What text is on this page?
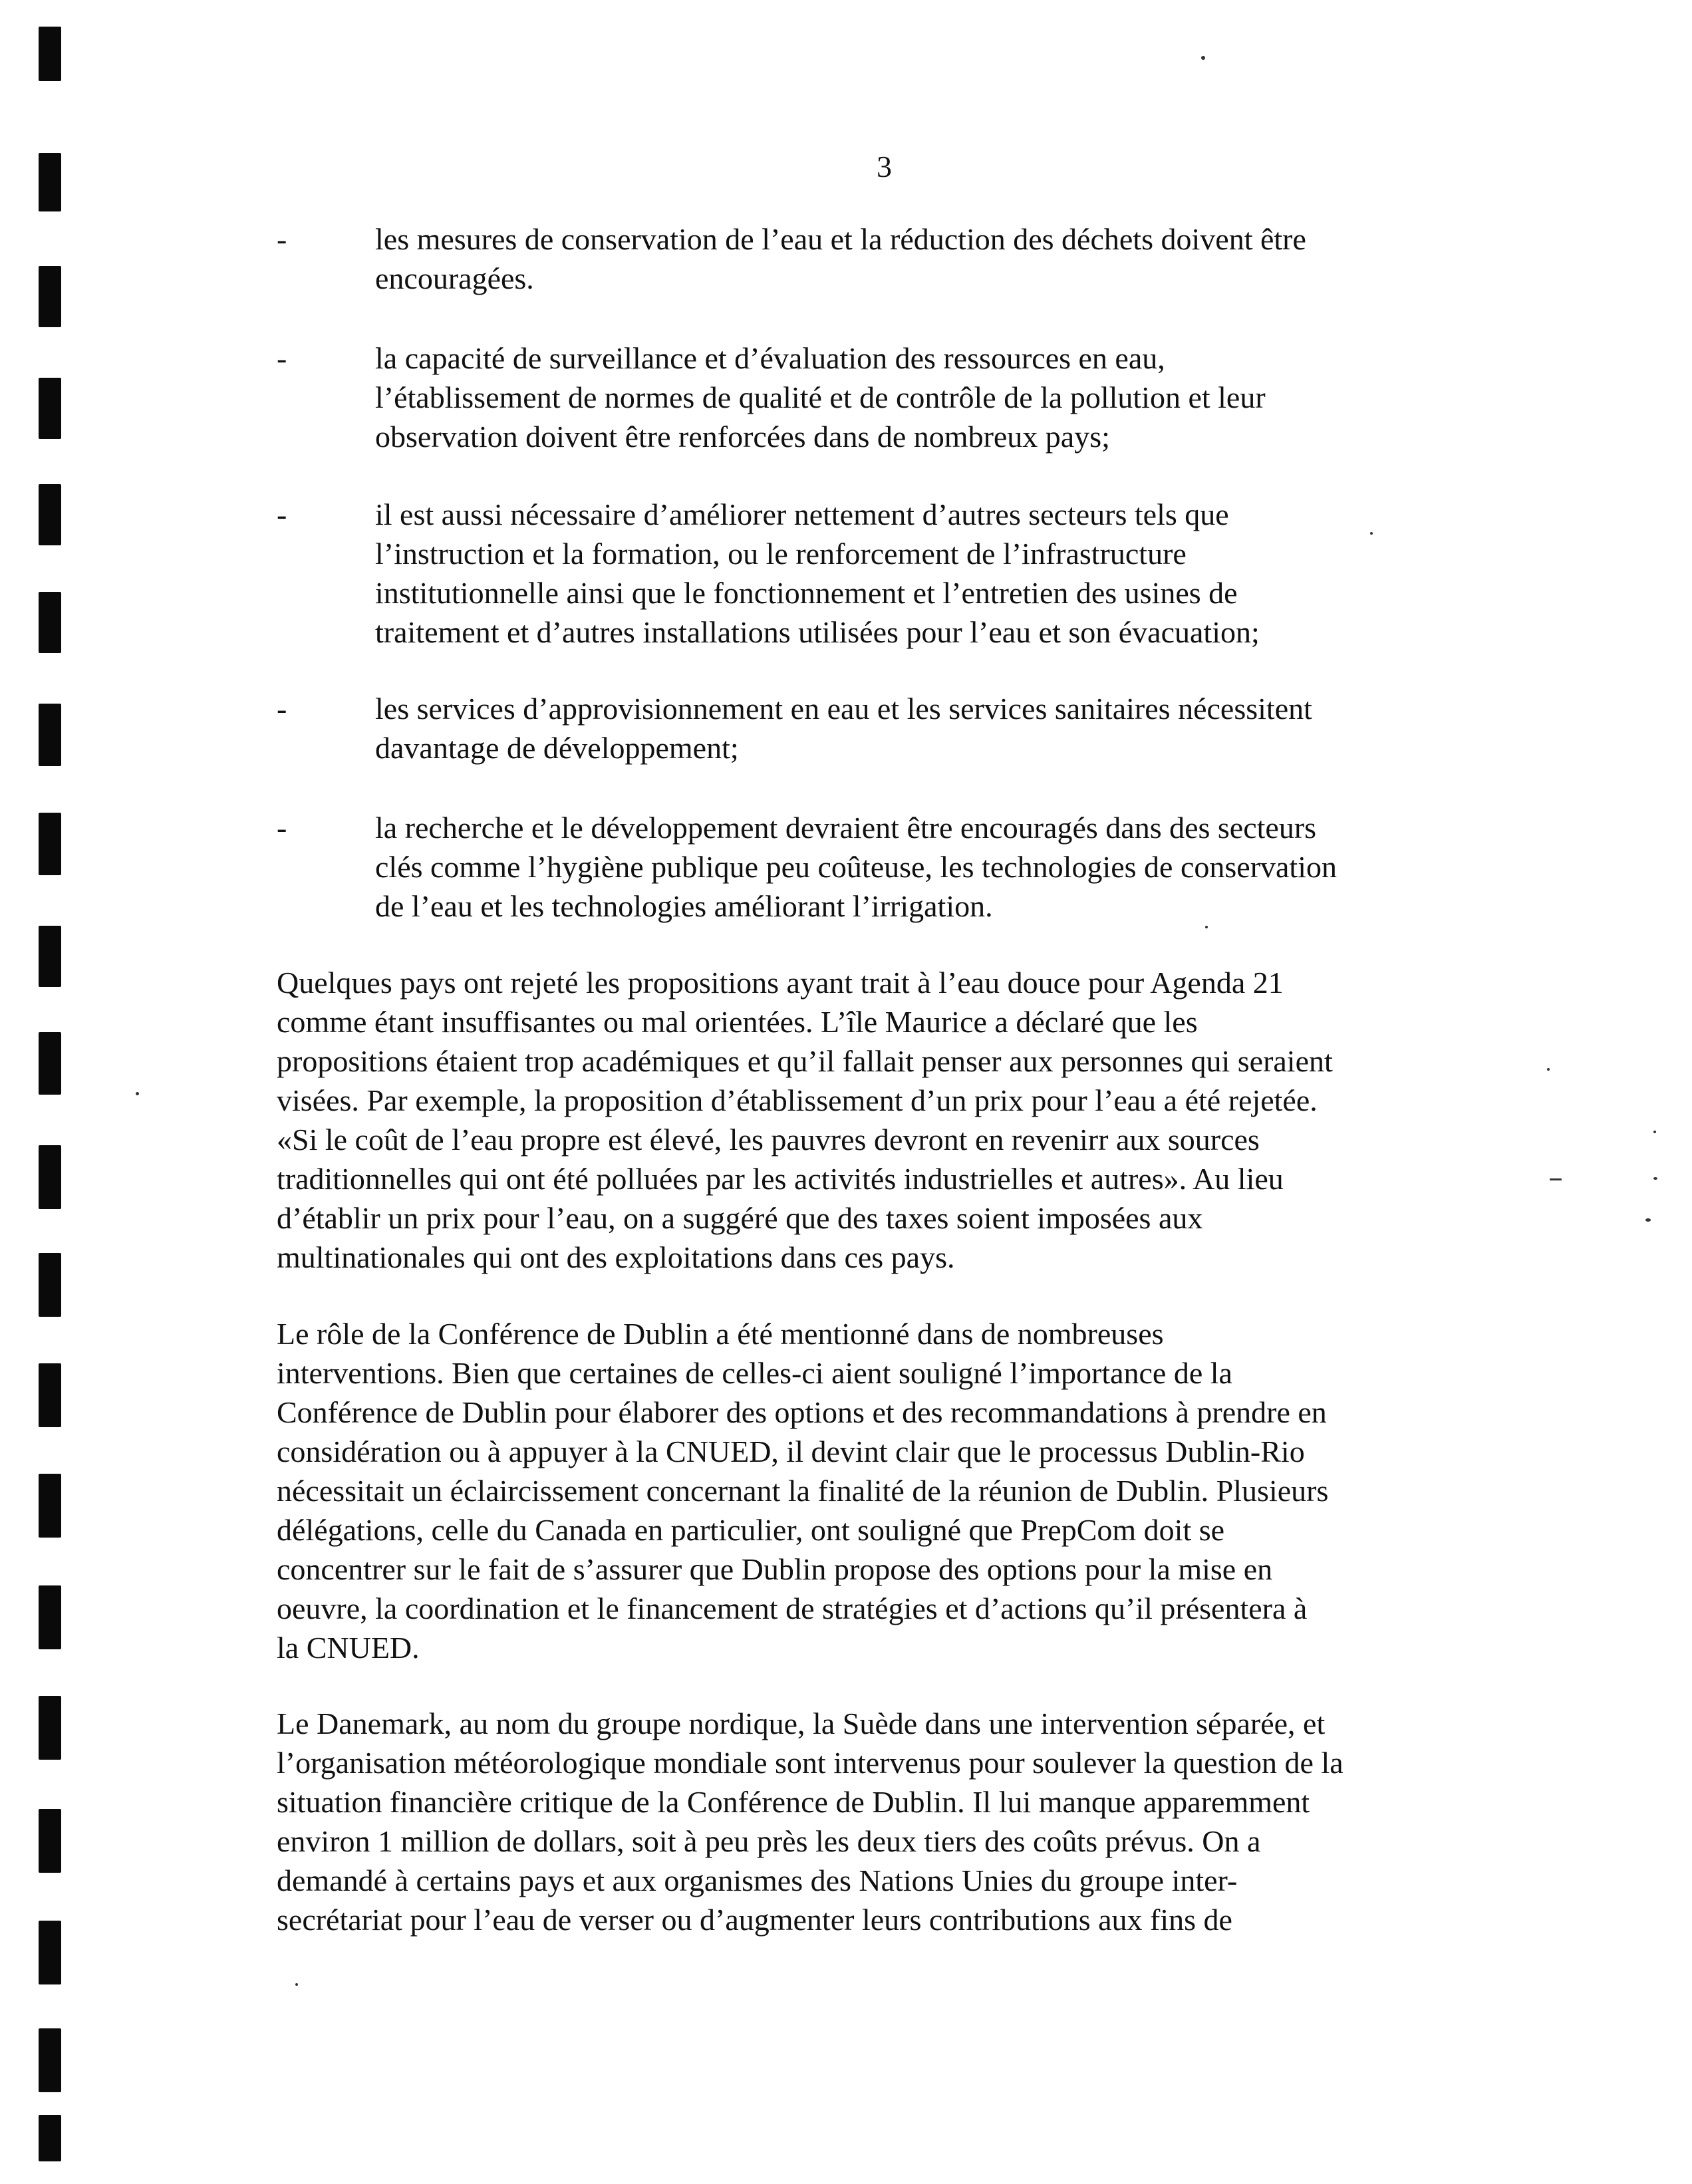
3
-	les mesures de conservation de l’eau et la réduction des déchets doivent être
encouragées.
-	la capacité de surveillance et d’évaluation des ressources en eau,
l’établissement de normes de qualité et de contrôle de la pollution et leur
observation doivent être renforcées dans de nombreux pays;
-	il est aussi nécessaire d’améliorer nettement d’autres secteurs tels que
l’instruction et la formation, ou le renforcement de l’infrastructure
institutionnelle ainsi que le fonctionnement et l’entretien des usines de
traitement et d’autres installations utilisées pour l’eau et son évacuation;
-	les services d’approvisionnement en eau et les services sanitaires nécessitent
davantage de développement;
-	la recherche et le développement devraient être encouragés dans des secteurs
clés comme l’hygiène publique peu coûteuse, les technologies de conservation
de l’eau et les technologies améliorant l’irrigation.
Quelques pays ont rejeté les propositions ayant trait à l’eau douce pour Agenda 21
comme étant insuffisantes ou mal orientées. L’île Maurice a déclaré que les
propositions étaient trop académiques et qu’il fallait penser aux personnes qui seraient
visées. Par exemple, la proposition d’établissement d’un prix pour l’eau a été rejetée.
«Si le coût de l’eau propre est élevé, les pauvres devront en revenirr aux sources
traditionnelles qui ont été polluées par les activités industrielles et autres». Au lieu
d’établir un prix pour l’eau, on a suggéré que des taxes soient imposées aux
multinationales qui ont des exploitations dans ces pays.
Le rôle de la Conférence de Dublin a été mentionné dans de nombreuses
interventions. Bien que certaines de celles-ci aient souligné l’importance de la
Conférence de Dublin pour élaborer des options et des recommandations à prendre en
considération ou à appuyer à la CNUED, il devint clair que le processus Dublin-Rio
nécessitait un éclaircissement concernant la finalité de la réunion de Dublin. Plusieurs
délégations, celle du Canada en particulier, ont souligné que PrepCom doit se
concentrer sur le fait de s’assurer que Dublin propose des options pour la mise en
oeuvre, la coordination et le financement de stratégies et d’actions qu’il présentera à
la CNUED.
Le Danemark, au nom du groupe nordique, la Suède dans une intervention séparée, et
l’organisation météorologique mondiale sont intervenus pour soulever la question de la
situation financière critique de la Conférence de Dublin. Il lui manque apparemment
environ 1 million de dollars, soit à peu près les deux tiers des coûts prévus. On a
demandé à certains pays et aux organismes des Nations Unies du groupe inter-
secrétariat pour l’eau de verser ou d’augmenter leurs contributions aux fins de
